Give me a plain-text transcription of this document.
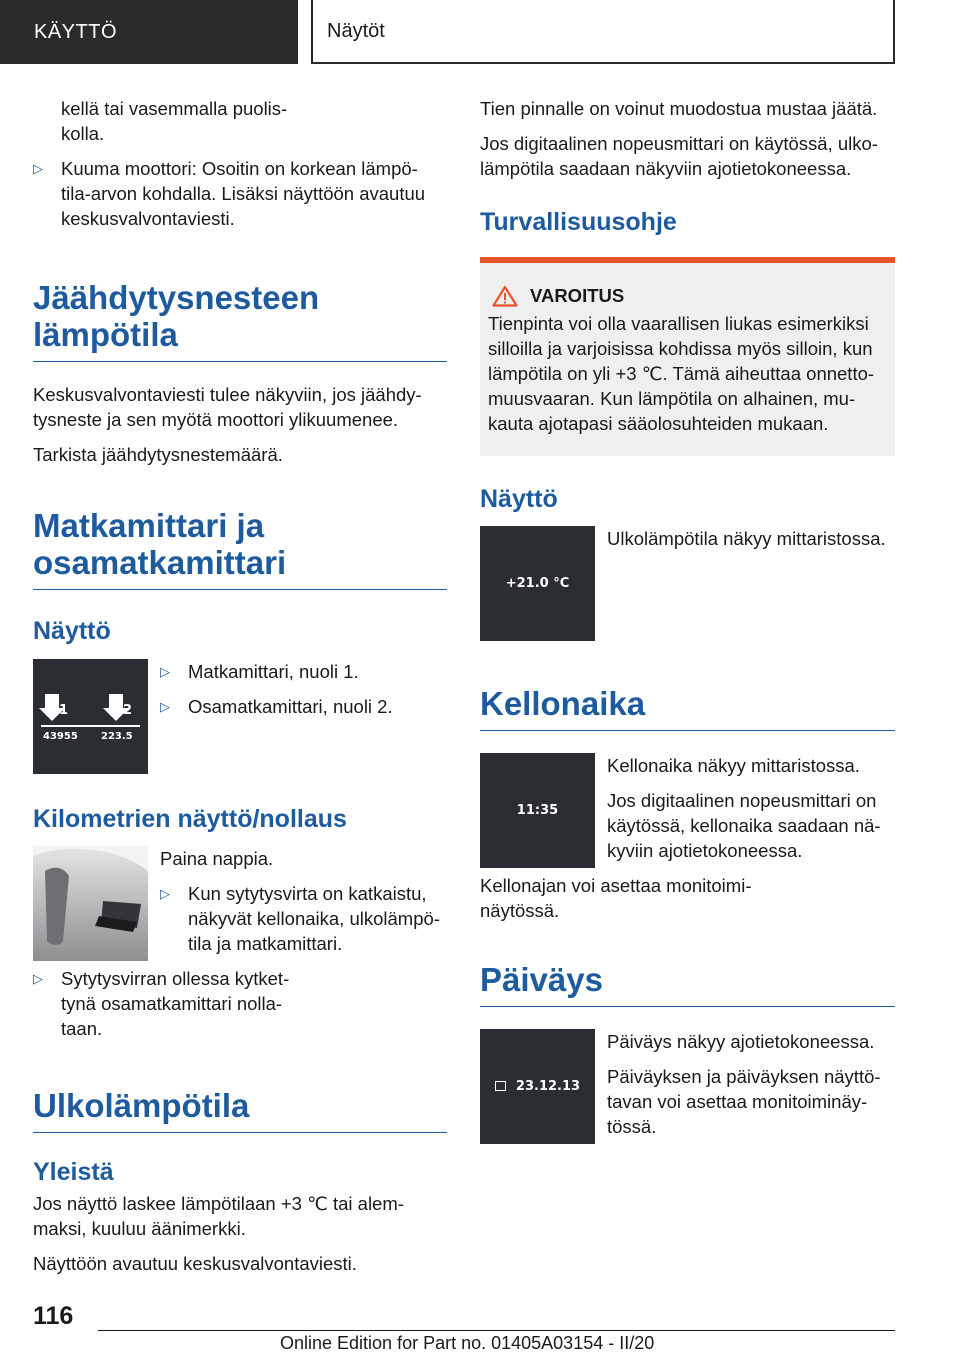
KÄYTTÖ	Näytöt

kellä tai vasemmalla puolis-
kolla.

▷ Kuuma moottori: Osoitin on korkean lämpö-
tila-arvon kohdalla. Lisäksi näyttöön avautuu
keskusvalvontaviesti.
Jäähdytysnesteen
lämpötila

Keskusvalvontaviesti tulee näkyviin, jos jäähdy-
tysneste ja sen myötä moottori ylikuumenee.

Tarkista jäähdytysnestemäärä.

Matkamittari ja
osamatkamittari
Näyttö
1	2
43955 223.5
▷ Matkamittari, nuoli 1.
▷ Osamatkamittari, nuoli 2.
Kilometrien näyttö/nollaus

Paina nappia.

▷ Kun sytytysvirta on katkaistu,
näkyvät kellonaika, ulkolämpö-
tila ja matkamittari.
▷ Sytytysvirran ollessa kytket-
tynä osamatkamittari nolla-
taan.
Ulkolämpötila
Yleistä

Jos näyttö laskee lämpötilaan +3 ℃ tai alem-
maksi, kuuluu äänimerkki.

Näyttöön avautuu keskusvalvontaviesti.

Tien pinnalle on voinut muodostua mustaa jäätä.

Jos digitaalinen nopeusmittari on käytössä, ulko-
lämpötila saadaan näkyviin ajotietokoneessa.

Turvallisuusohje
VAROITUS

Tienpinta voi olla vaarallisen liukas esimerkiksi
silloilla ja varjoisissa kohdissa myös silloin, kun
lämpötila on yli +3 ℃. Tämä aiheuttaa onnetto-
muusvaaran. Kun lämpötila on alhainen, mu-
kauta ajotapasi sääolosuhteiden mukaan.

Näyttö
+21.0 °C

Ulkolämpötila näkyy mittaristossa.

Kellonaika
11:35

Kellonaika näkyy mittaristossa.

Jos digitaalinen nopeusmittari on
käytössä, kellonaika saadaan nä-
kyviin ajotietokoneessa.

Kellonajan voi asettaa monitoimi-
näytössä.

Päiväys
23.12.13

Päiväys näkyy ajotietokoneessa.

Päiväyksen ja päiväyksen näyttö-
tavan voi asettaa monitoiminäy-
tössä.

116
Online Edition for Part no. 01405A03154 - II/20
